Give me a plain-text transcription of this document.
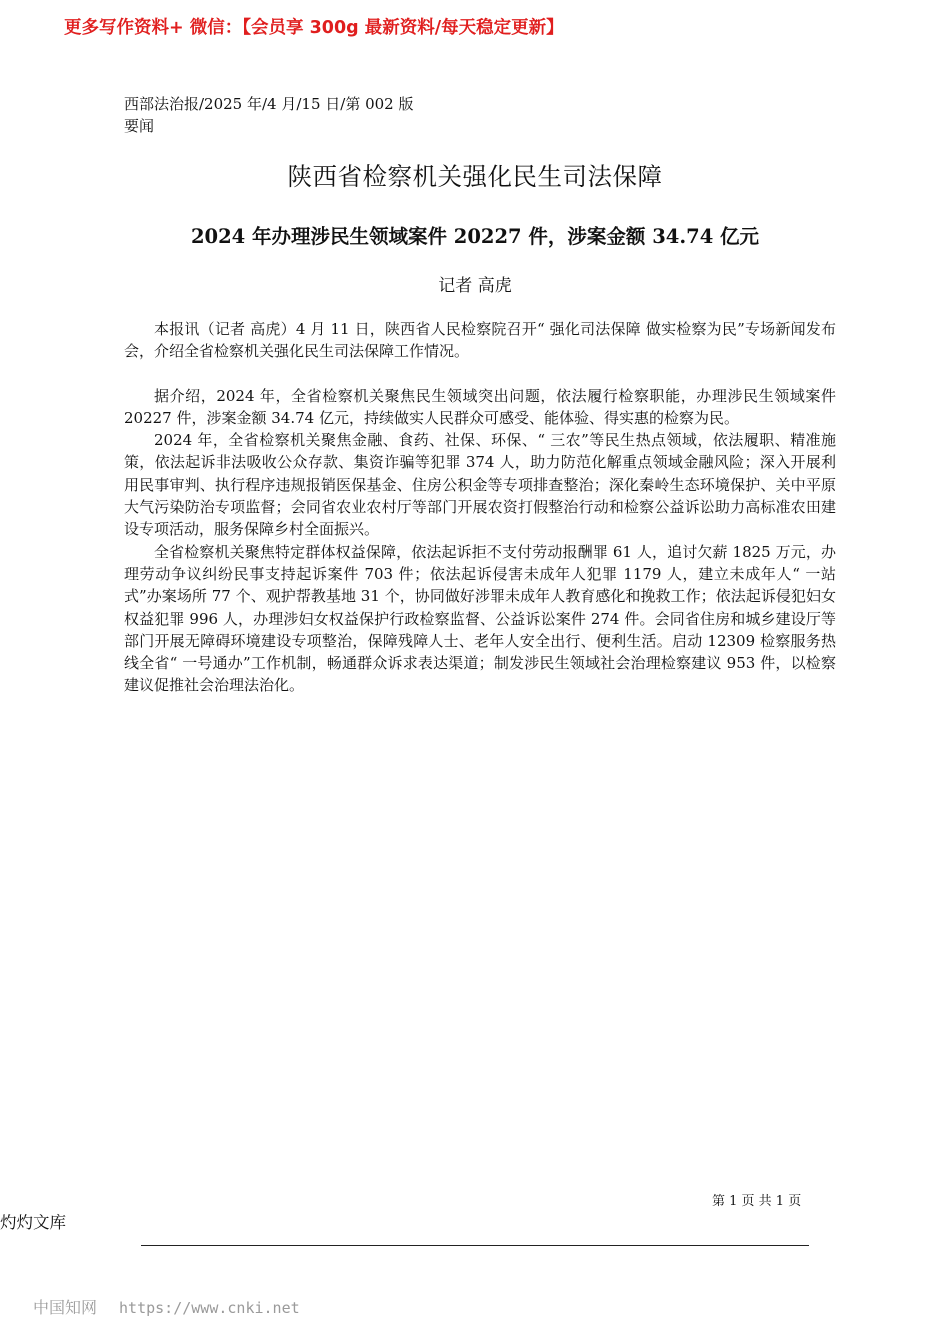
更多写作资料+ 微信：【会员享 300g 最新资料/每天稳定更新】
西部法治报/2025 年/4 月/15 日/第 002 版要闻
陕西省检察机关强化民生司法保障
2024 年办理涉民生领域案件 20227 件，涉案金额 34.74 亿元
记者 高虎

本报讯（记者 高虎）4 月 11 日，陕西省人民检察院召开“ 强化司法保障 做实检察为民”专场新闻发布会，介绍全省检察机关强化民生司法保障工作情况。

据介绍，2024 年，全省检察机关聚焦民生领域突出问题，依法履行检察职能，办理涉民生领域案件 20227 件，涉案金额 34.74 亿元，持续做实人民群众可感受、能体验、得实惠的检察为民。

2024 年，全省检察机关聚焦金融、食药、社保、环保、“ 三农”等民生热点领域，依法履职、精准施策，依法起诉非法吸收公众存款、集资诈骗等犯罪 374 人，助力防范化解重点领域金融风险；深入开展利用民事审判、执行程序违规报销医保基金、住房公积金等专项排查整治；深化秦岭生态环境保护、关中平原大气污染防治专项监督；会同省农业农村厅等部门开展农资打假整治行动和检察公益诉讼助力高标准农田建设专项活动，服务保障乡村全面振兴。

全省检察机关聚焦特定群体权益保障，依法起诉拒不支付劳动报酬罪 61 人，追讨欠薪 1825 万元，办理劳动争议纠纷民事支持起诉案件 703 件；依法起诉侵害未成年人犯罪 1179 人，建立未成年人“ 一站式”办案场所 77 个、观护帮教基地 31 个，协同做好涉罪未成年人教育感化和挽救工作；依法起诉侵犯妇女权益犯罪 996 人，办理涉妇女权益保护行政检察监督、公益诉讼案件 274 件。会同省住房和城乡建设厅等部门开展无障碍环境建设专项整治，保障残障人士、老年人安全出行、便利生活。启动 12309 检察服务热线全省“ 一号通办”工作机制，畅通群众诉求表达渠道；制发涉民生领域社会治理检察建议 953 件，以检察建议促推社会治理法治化。

第 1 页 共 1 页
灼灼文库
中国知网 https://www.cnki.net
